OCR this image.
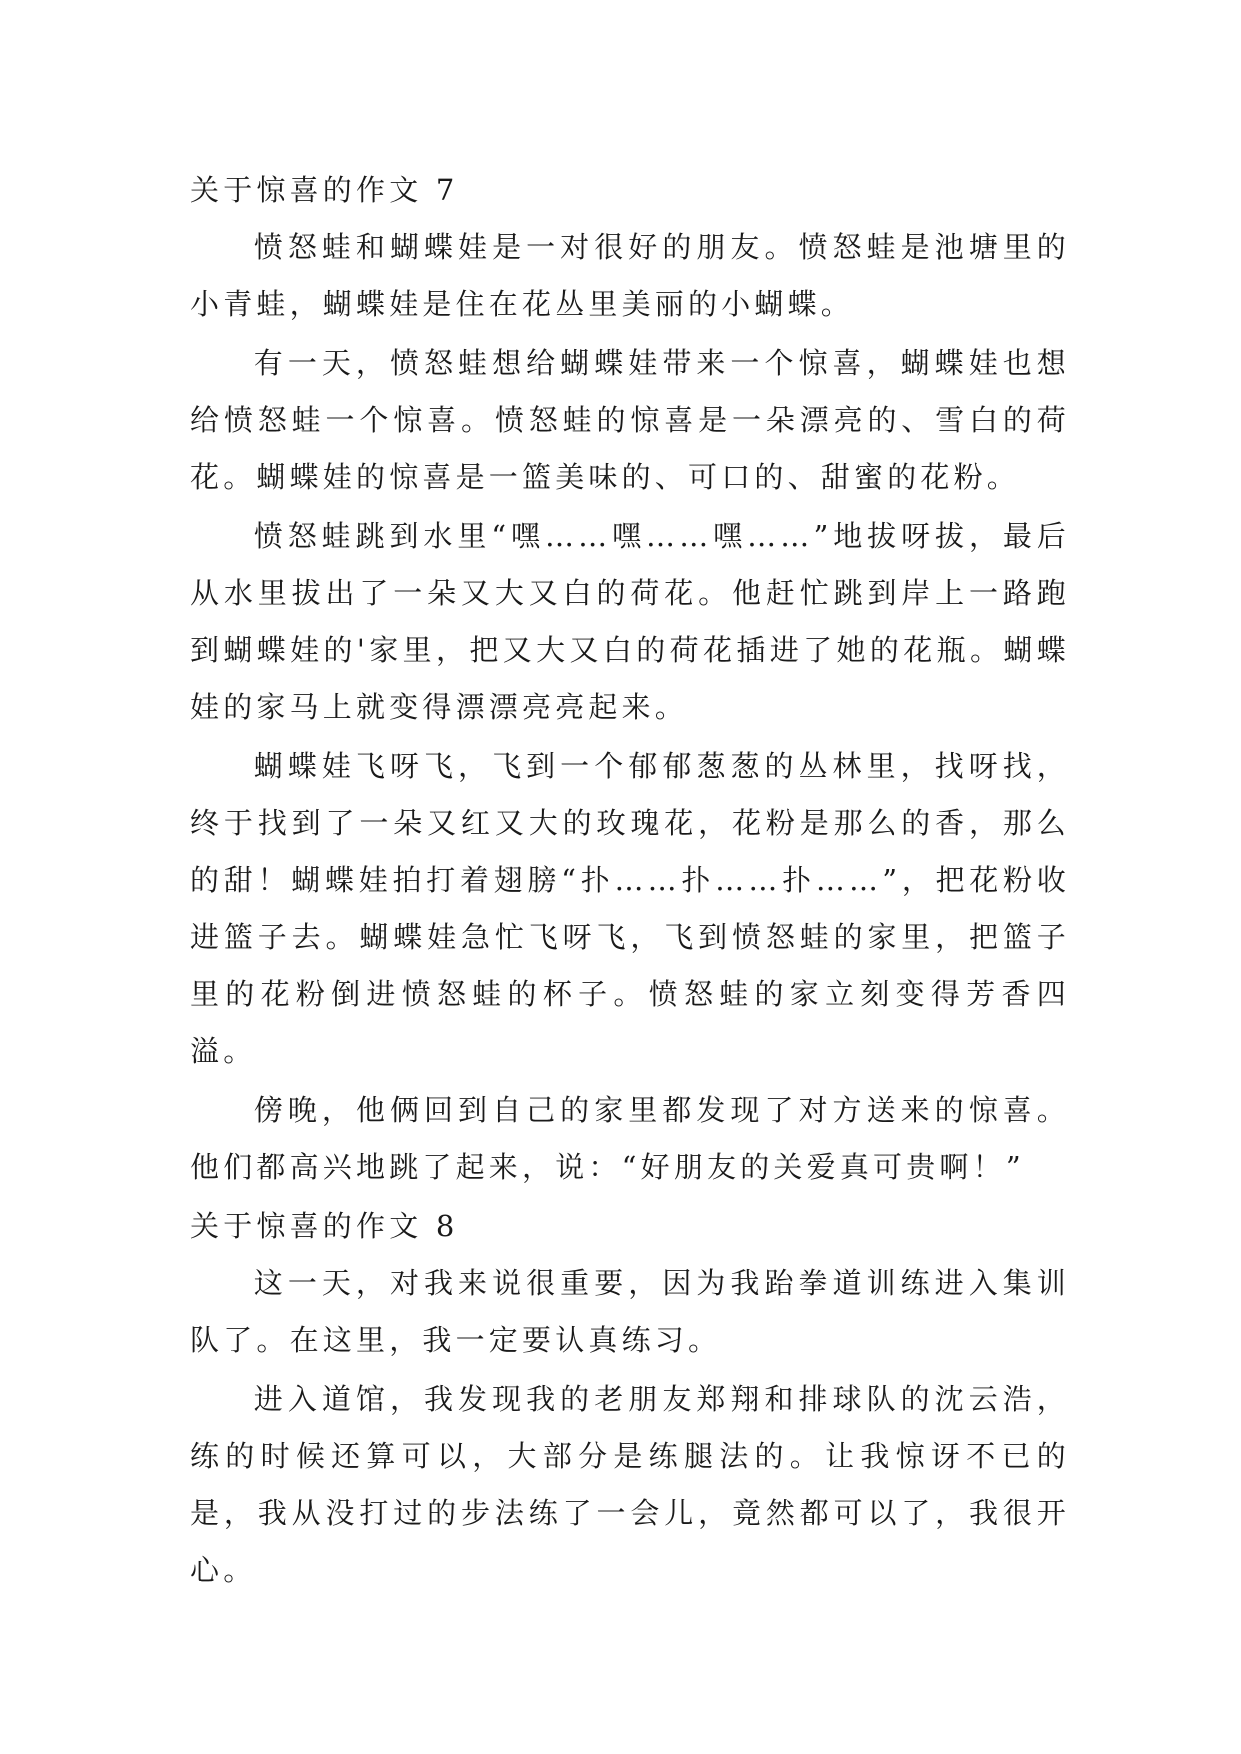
关于惊喜的作文 7

愤怒蛙和蝴蝶娃是一对很好的朋友。愤怒蛙是池塘里的小青蛙，蝴蝶娃是住在花丛里美丽的小蝴蝶。

有一天，愤怒蛙想给蝴蝶娃带来一个惊喜，蝴蝶娃也想给愤怒蛙一个惊喜。愤怒蛙的惊喜是一朵漂亮的、雪白的荷花。蝴蝶娃的惊喜是一篮美味的、可口的、甜蜜的花粉。

愤怒蛙跳到水里“嘿……嘿……嘿……”地拔呀拔，最后从水里拔出了一朵又大又白的荷花。他赶忙跳到岸上一路跑到蝴蝶娃的'家里，把又大又白的荷花插进了她的花瓶。蝴蝶娃的家马上就变得漂漂亮亮起来。

蝴蝶娃飞呀飞，飞到一个郁郁葱葱的丛林里，找呀找，终于找到了一朵又红又大的玫瑰花，花粉是那么的香，那么的甜！蝴蝶娃拍打着翅膀“扑……扑……扑……”，把花粉收进篮子去。蝴蝶娃急忙飞呀飞，飞到愤怒蛙的家里，把篮子里的花粉倒进愤怒蛙的杯子。愤怒蛙的家立刻变得芳香四溢。

傍晚，他俩回到自己的家里都发现了对方送来的惊喜。他们都高兴地跳了起来，说：“好朋友的关爱真可贵啊！”

关于惊喜的作文 8

这一天，对我来说很重要，因为我跆拳道训练进入集训队了。在这里，我一定要认真练习。

进入道馆，我发现我的老朋友郑翔和排球队的沈云浩，练的时候还算可以，大部分是练腿法的。让我惊讶不已的是，我从没打过的步法练了一会儿，竟然都可以了，我很开心。
